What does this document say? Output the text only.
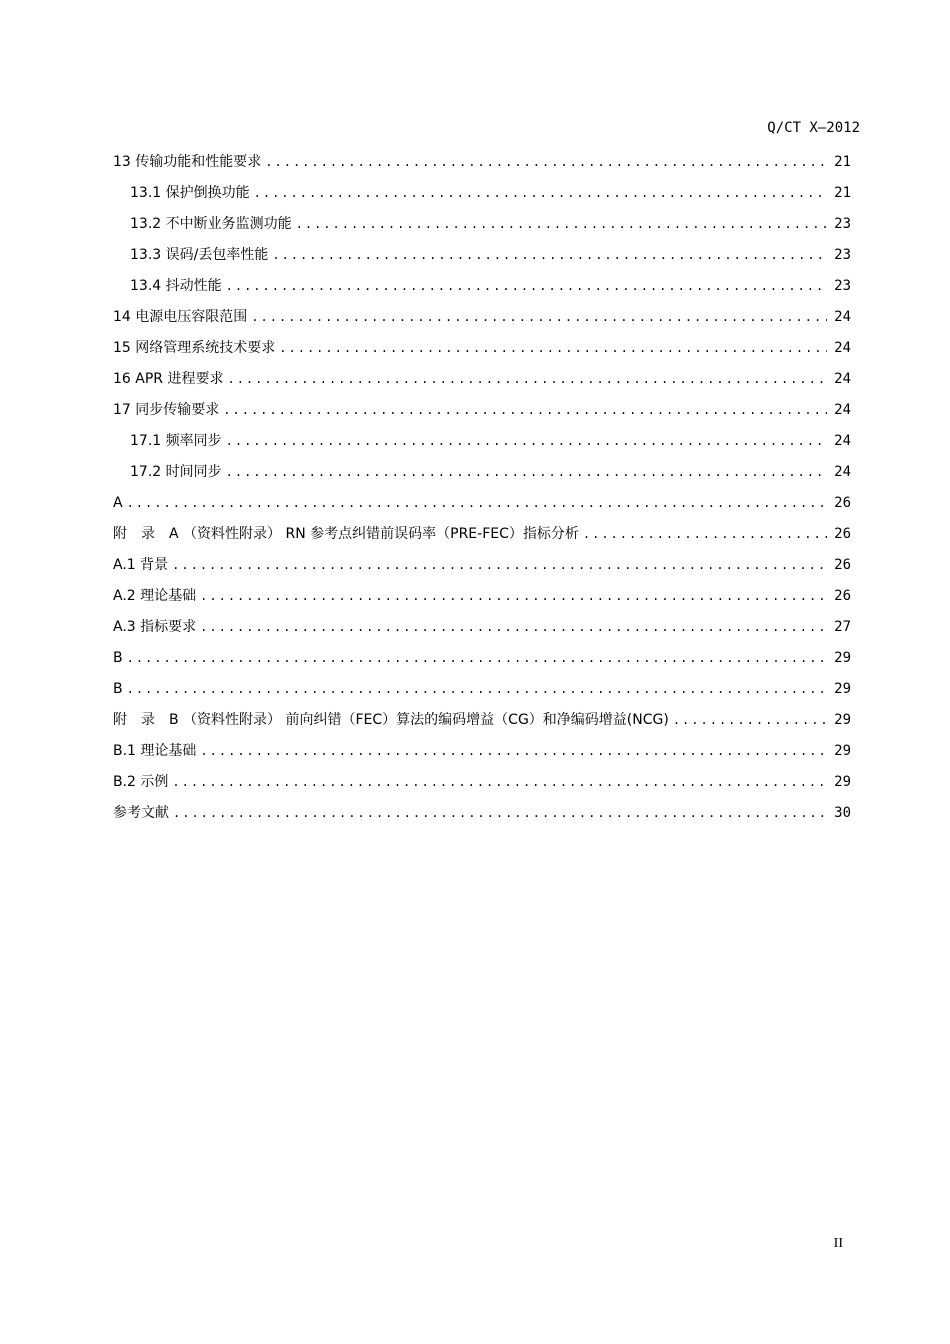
Q/CT X—2012
13 传输功能和性能要求 .....	21
13.1 保护倒换功能 .....	21
13.2 不中断业务监测功能 .....	23
13.3 误码/丢包率性能 .....	23
13.4 抖动性能 .....	23
14 电源电压容限范围 .....	24
15 网络管理系统技术要求 .....	24
16 APR 进程要求 .....	24
17 同步传输要求 .....	24
17.1 频率同步 .....	24
17.2 时间同步 .....	24
A .....	26
附　录　A （资料性附录） RN 参考点纠错前误码率（PRE-FEC）指标分析 .....	26
A.1 背景 .....	26
A.2 理论基础 .....	26
A.3 指标要求 .....	27
B .....	29
B .....	29
附　录　B （资料性附录） 前向纠错（FEC）算法的编码增益（CG）和净编码增益(NCG) .....	29
B.1 理论基础 .....	29
B.2 示例 .....	29
参考文献 .....	30
II
